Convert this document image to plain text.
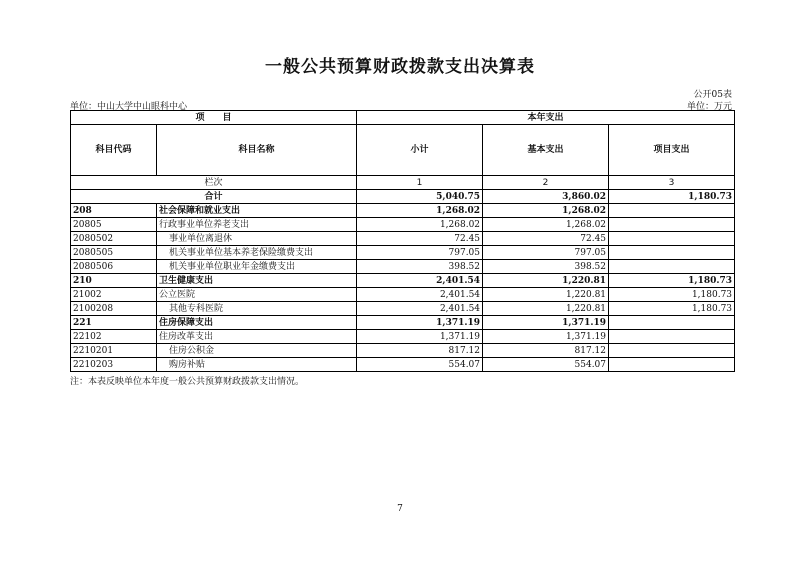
一般公共预算财政拨款支出决算表
公开05表
单位：中山大学中山眼科中心	单位：万元
项　　目		本年支出		
科目代码	科目名称	小计	基本支出	项目支出
栏次		1	2	3
合计		5,040.75	3,860.02	1,180.73
208	社会保障和就业支出	1,268.02	1,268.02	
20805	行政事业单位养老支出	1,268.02	1,268.02	
2080502	事业单位离退休	72.45	72.45	
2080505	机关事业单位基本养老保险缴费支出	797.05	797.05	
2080506	机关事业单位职业年金缴费支出	398.52	398.52	
210	卫生健康支出	2,401.54	1,220.81	1,180.73
21002	公立医院	2,401.54	1,220.81	1,180.73
2100208	其他专科医院	2,401.54	1,220.81	1,180.73
221	住房保障支出	1,371.19	1,371.19	
22102	住房改革支出	1,371.19	1,371.19	
2210201	住房公积金	817.12	817.12	
2210203	购房补贴	554.07	554.07	
注：本表反映单位本年度一般公共预算财政拨款支出情况。
7
